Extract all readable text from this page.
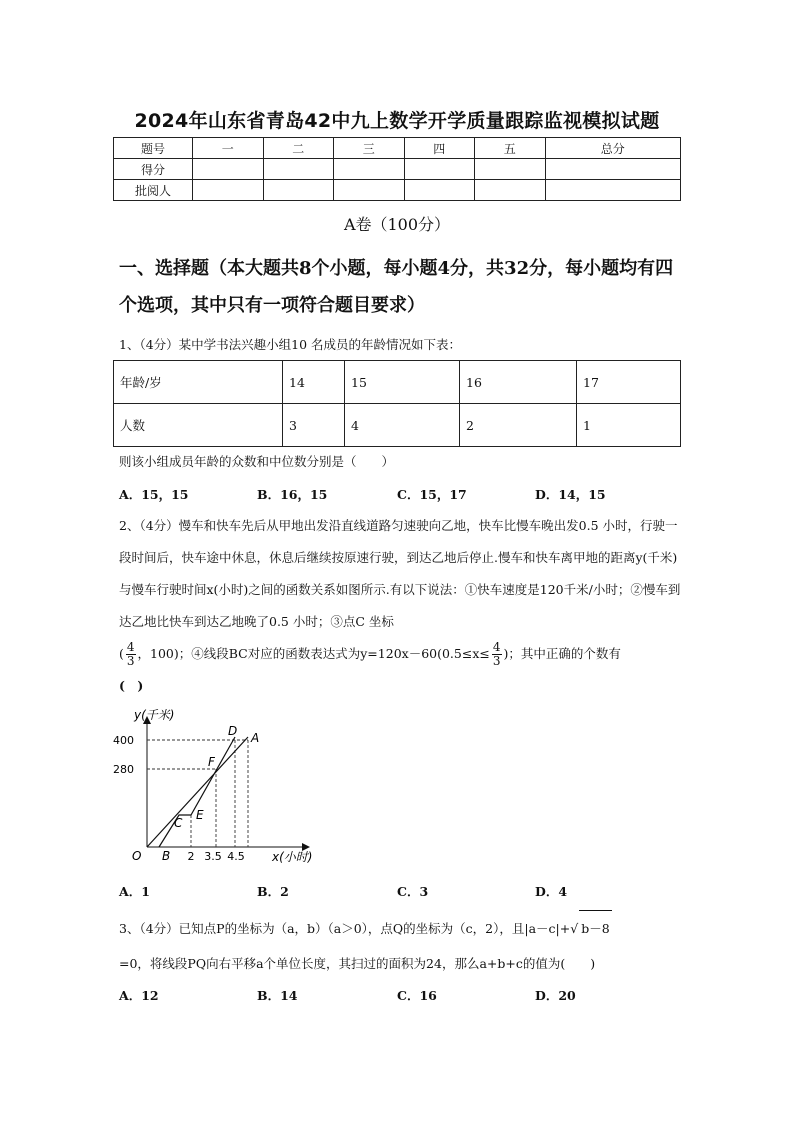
2024年山东省青岛42中九上数学开学质量跟踪监视模拟试题
题号	一	二	三	四	五	总分
得分						
批阅人						
A卷（100分）
一、选择题（本大题共8个小题，每小题4分，共32分，每小题均有四个选项，其中只有一项符合题目要求）
1、（4分）某中学书法兴趣小组10 名成员的年龄情况如下表：
年龄/岁	14	15	16	17
人数	3	4	2	1
则该小组成员年龄的众数和中位数分别是（　　）
A．15，15	B．16，15	C．15，17	D．14，15
2、（4分）慢车和快车先后从甲地出发沿直线道路匀速驶向乙地，快车比慢车晚出发0.5 小时，行驶一段时间后，快车途中休息，休息后继续按原速行驶，到达乙地后停止.慢车和快车离甲地的距离y(千米)与慢车行驶时间x(小时)之间的函数关系如图所示.有以下说法：①快车速度是120千米/小时；②慢车到达乙地比快车到达乙地晚了0.5 小时；③点C 坐标
( $\frac{4}{3}$ ，100)；④线段BC对应的函数表达式为$y=120x-60(0.5\le x\le \frac{4}{3}$ )；其中正确的个数有
(　)
400
280
2 3.5 4.5
y(千米)
x(小时)
O B
C
E
F
D A
A．1	B．2	C．3	D．4
3、（4分）已知点P的坐标为（a，b）（a＞0），点Q的坐标为（c，2），且|a－c|+√ b－8
=0，将线段PQ向右平移a个单位长度，其扫过的面积为24，那么a+b+c的值为(　　)
A．12	B．14	C．16	D．20
